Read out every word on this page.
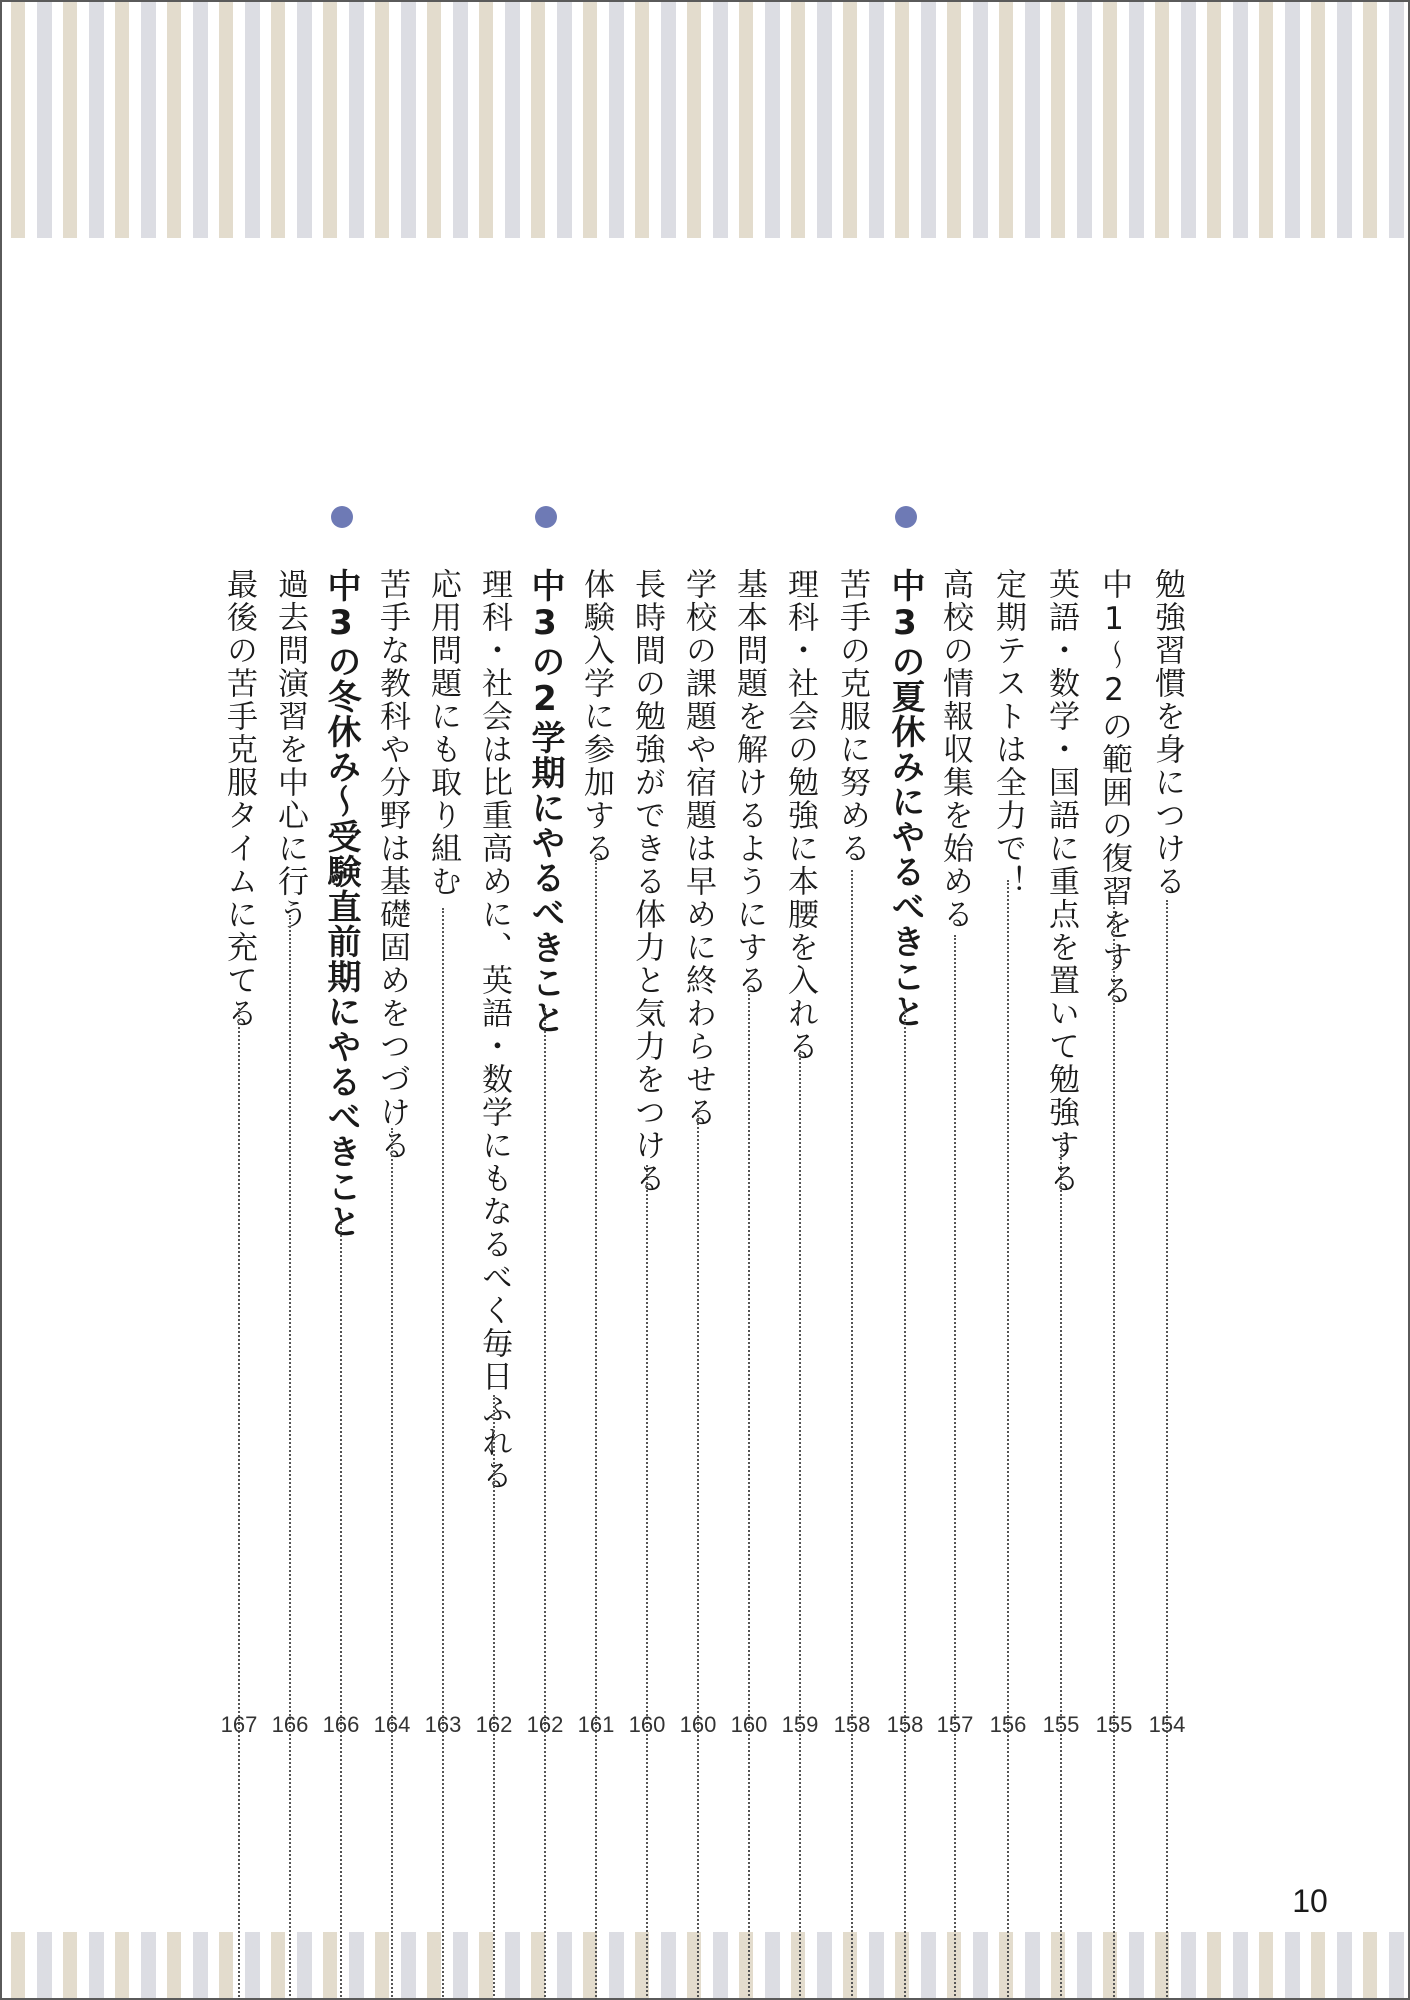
勉強習慣を身につける
154
中1〜2の範囲の復習をする
155
英語・数学・国語に重点を置いて勉強する
155
定期テストは全力で！
156
高校の情報収集を始める
157
中3の夏休みにやるべきこと
158
苦手の克服に努める
158
理科・社会の勉強に本腰を入れる
159
基本問題を解けるようにする
160
学校の課題や宿題は早めに終わらせる
160
長時間の勉強ができる体力と気力をつける
160
体験入学に参加する
161
中3の2学期にやるべきこと
162
理科・社会は比重高めに、英語・数学にもなるべく毎日ふれる
162
応用問題にも取り組む
163
苦手な教科や分野は基礎固めをつづける
164
中3の冬休み〜受験直前期にやるべきこと
166
過去問演習を中心に行う
166
最後の苦手克服タイムに充てる
167
10
